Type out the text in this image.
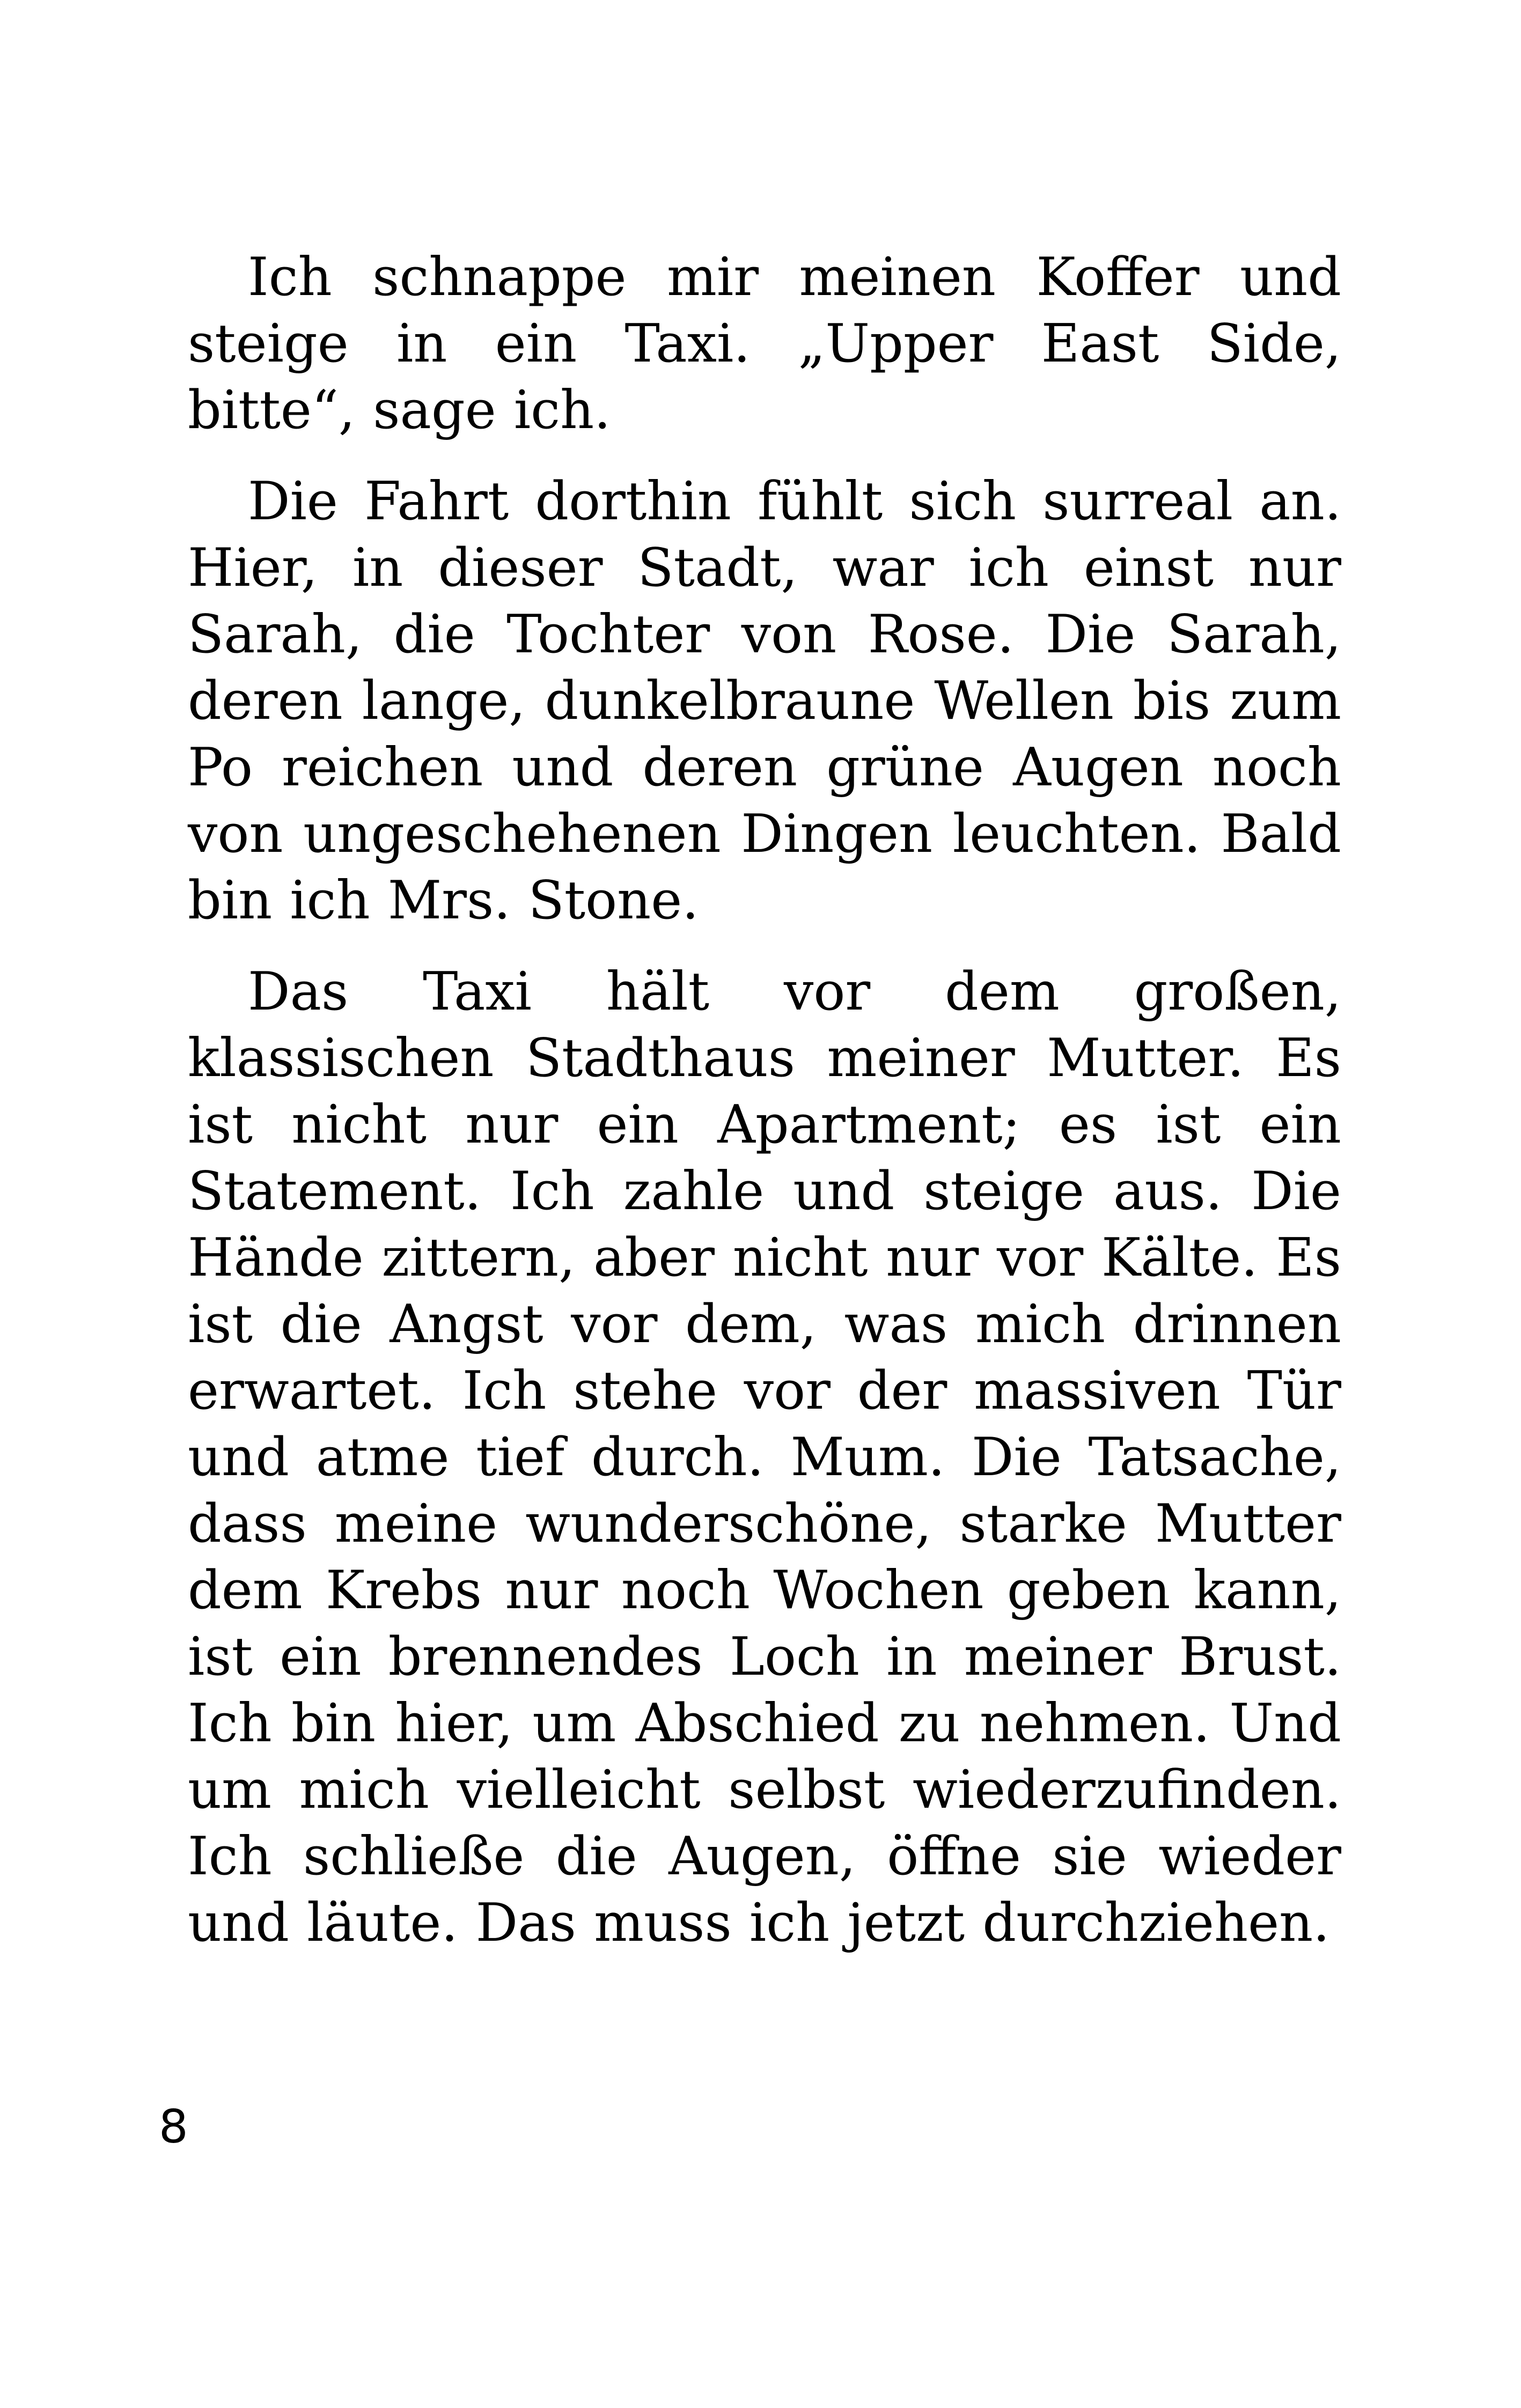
Ich schnappe mir meinen Koffer und steige in ein Taxi. „Upper East Side, bitte“, sage ich.

Die Fahrt dorthin fühlt sich surreal an. Hier, in dieser Stadt, war ich einst nur Sarah, die Tochter von Rose. Die Sarah, deren lange, dunkelbraune Wellen bis zum Po reichen und deren grüne Augen noch von ungeschehenen Dingen leuchten. Bald bin ich Mrs. Stone.

Das Taxi hält vor dem großen, klassischen Stadthaus meiner Mutter. Es ist nicht nur ein Apartment; es ist ein Statement. Ich zahle und steige aus. Die Hände zittern, aber nicht nur vor Kälte. Es ist die Angst vor dem, was mich drinnen erwartet. Ich stehe vor der massiven Tür und atme tief durch. Mum. Die Tatsache, dass meine wunderschöne, starke Mutter dem Krebs nur noch Wochen geben kann, ist ein brennendes Loch in meiner Brust. Ich bin hier, um Abschied zu nehmen. Und um mich vielleicht selbst wiederzufinden. Ich schließe die Augen, öffne sie wieder und läute. Das muss ich jetzt durchziehen.

8
